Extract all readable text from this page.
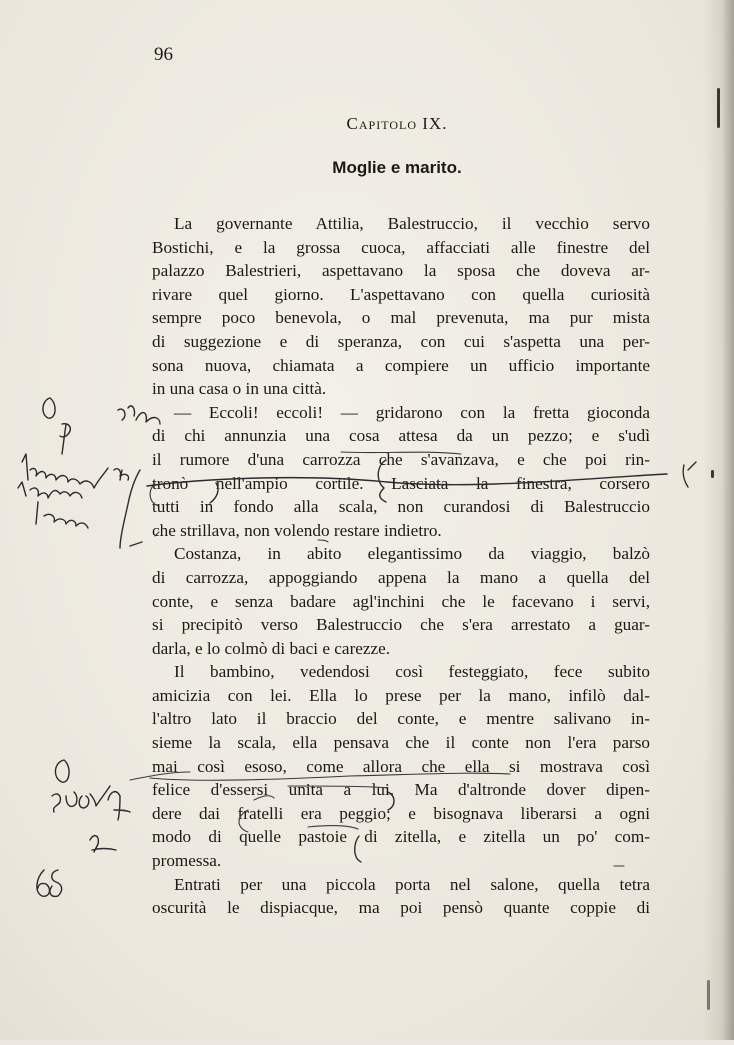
96
Capitolo IX.
Moglie e marito.
La governante Attilia, Balestruccio, il vecchio servo
Bostichi, e la grossa cuoca, affacciati alle finestre del
palazzo Balestrieri, aspettavano la sposa che doveva ar-
rivare quel giorno. L'aspettavano con quella curiosità
sempre poco benevola, o mal prevenuta, ma pur mista
di suggezione e di speranza, con cui s'aspetta una per-
sona nuova, chiamata a compiere un ufficio importante
in una casa o in una città.
— Eccoli! eccoli! — gridarono con la fretta gioconda
di chi annunzia una cosa attesa da un pezzo; e s'udì
il rumore d'una carrozza che s'avanzava, e che poi rin-
tronò nell'ampio cortile. Lasciata la finestra, corsero
tutti in fondo alla scala, non curandosi di Balestruccio
che strillava, non volendo restare indietro.
Costanza, in abito elegantissimo da viaggio, balzò
di carrozza, appoggiando appena la mano a quella del
conte, e senza badare agl'inchini che le facevano i servi,
si precipitò verso Balestruccio che s'era arrestato a guar-
darla, e lo colmò di baci e carezze.
Il bambino, vedendosi così festeggiato, fece subito
amicizia con lei. Ella lo prese per la mano, infilò dal-
l'altro lato il braccio del conte, e mentre salivano in-
sieme la scala, ella pensava che il conte non l'era parso
mai così esoso, come allora che ella si mostrava così
felice d'essersi unita a lui. Ma d'altronde dover dipen-
dere dai fratelli era peggio; e bisognava liberarsi a ogni
modo di quelle pastoie di zitella, e zitella un po' com-
promessa.
Entrati per una piccola porta nel salone, quella tetra
oscurità le dispiacque, ma poi pensò quante coppie di
